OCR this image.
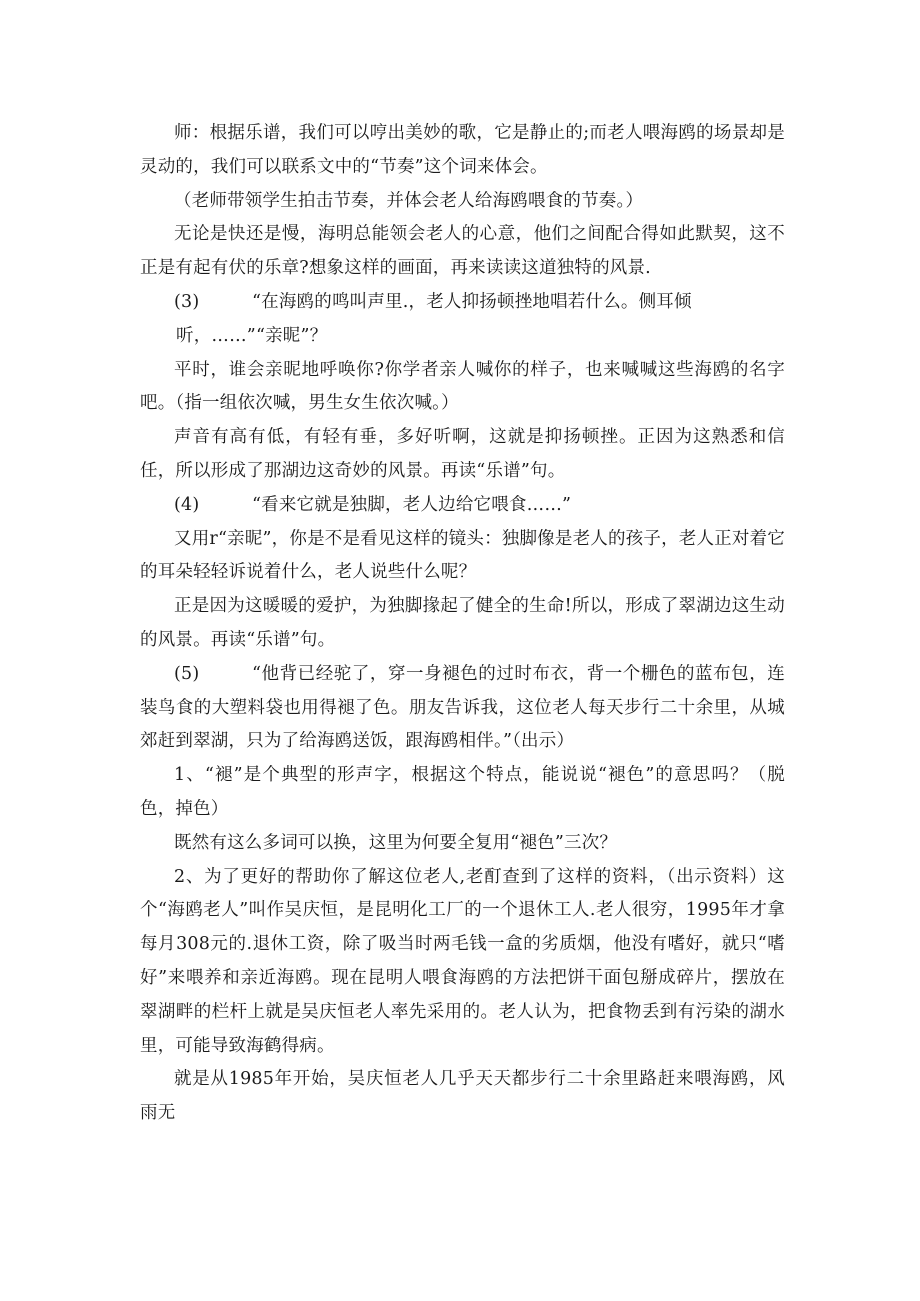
师：根据乐谱，我们可以哼出美妙的歌，它是静止的;而老人喂海鸥的场景却是灵动的，我们可以联系文中的“节奏”这个词来体会。

（老师带领学生拍击节奏，并体会老人给海鸥喂食的节奏。）

无论是快还是慢，海明总能领会老人的心意，他们之间配合得如此默契，这不正是有起有伏的乐章?想象这样的画面，再来读读这道独特的风景.

(3)	“在海鸥的鸣叫声里.，老人抑扬顿挫地唱若什么。侧耳倾

听，……”“亲昵”？

平时，谁会亲昵地呼唤你?你学者亲人喊你的样子，也来喊喊这些海鸥的名字吧。（指一组依次喊，男生女生依次喊。）

声音有高有低，有轻有垂，多好听啊，这就是抑扬顿挫。正因为这熟悉和信任，所以形成了那湖边这奇妙的风景。再读“乐谱”句。

(4)	“看来它就是独脚，老人边给它喂食……”

又用r“亲昵”，你是不是看见这样的镜头：独脚像是老人的孩子，老人正对着它的耳朵轻轻诉说着什么，老人说些什么呢？

正是因为这暖暖的爱护，为独脚掾起了健全的生命!所以，形成了翠湖边这生动的风景。再读“乐谱”句。

(5)	“他背已经驼了，穿一身褪色的过时布衣，背一个栅色的蓝布包，连装鸟食的大塑料袋也用得褪了色。朋友告诉我，这位老人每天步行二十余里，从城郊赶到翠湖，只为了给海鸥送饭，跟海鸥相伴。”（出示）

1、“褪”是个典型的形声字，根据这个特点，能说说“褪色”的意思吗？（脱色，掉色）

既然有这么多词可以换，这里为何要全复用“褪色”三次？

2、为了更好的帮助你了解这位老人,老酊查到了这样的资料，（出示资料）这个“海鸥老人”叫作吴庆恒，是昆明化工厂的一个退休工人.老人很穷，1995年才拿每月308元的.退休工资，除了吸当时两毛钱一盒的劣质烟，他没有嗜好，就只“嗜好”来喂养和亲近海鸥。现在昆明人喂食海鸥的方法把饼干面包掰成碎片，摆放在翠湖畔的栏杆上就是吴庆恒老人率先采用的。老人认为，把食物丢到有污染的湖水里，可能导致海鹤得病。

就是从1985年开始，吴庆恒老人几乎天天都步行二十余里路赶来喂海鸥，风雨无
